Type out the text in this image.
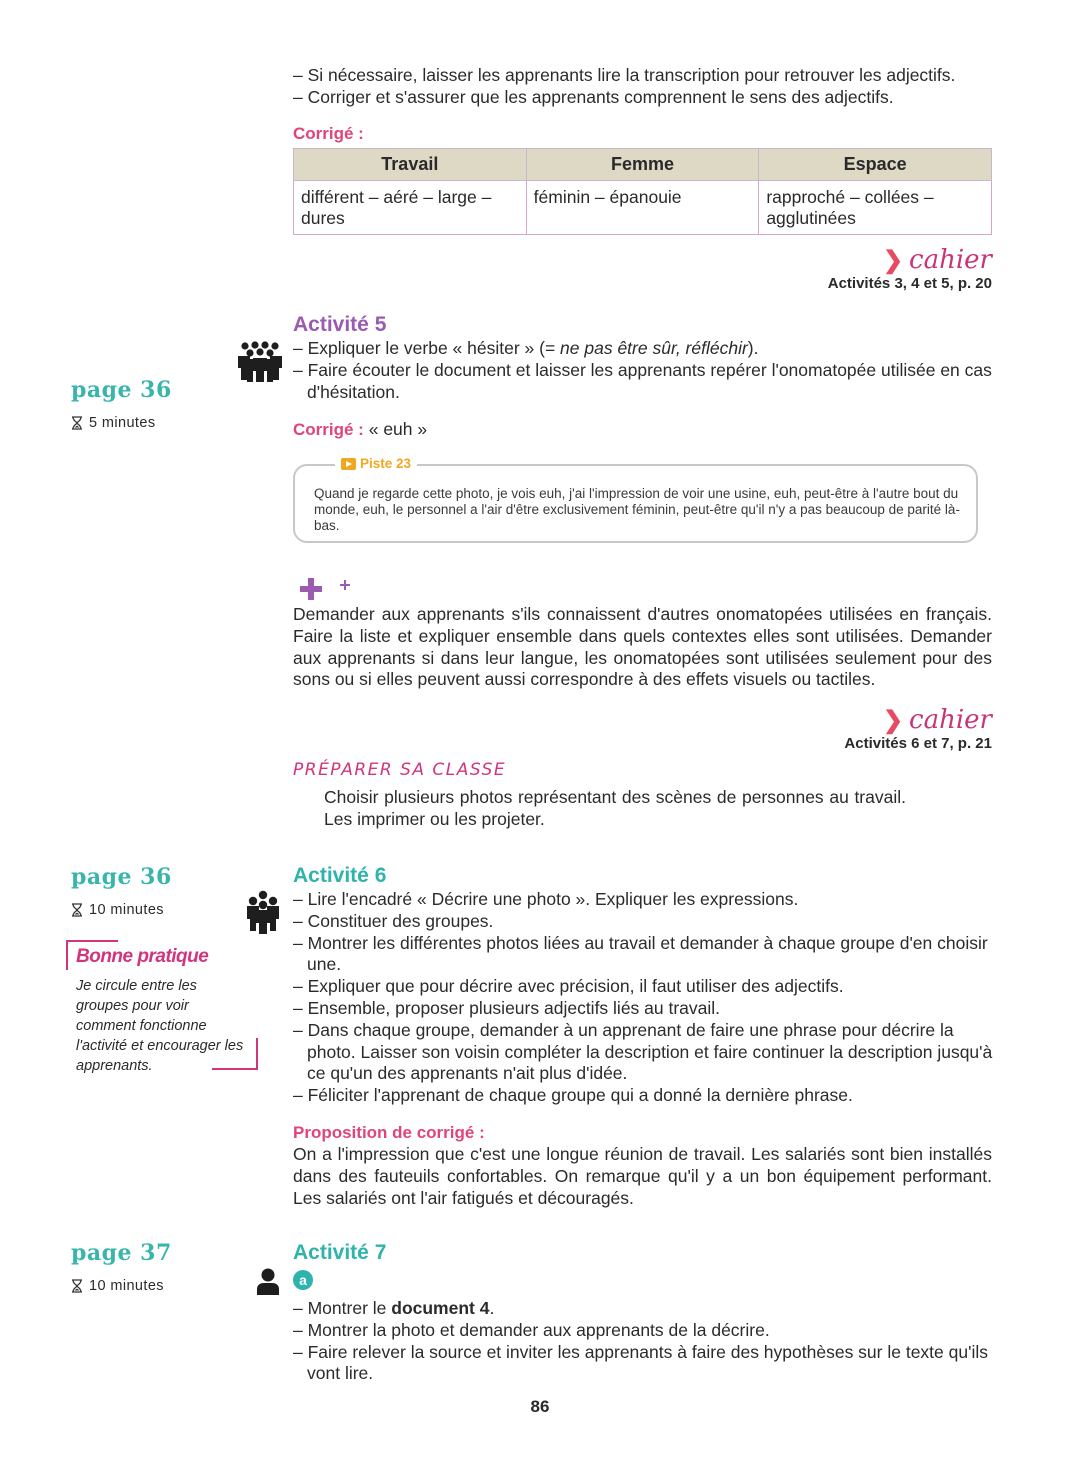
– Si nécessaire, laisser les apprenants lire la transcription pour retrouver les adjectifs.
– Corriger et s'assurer que les apprenants comprennent le sens des adjectifs.
Corrigé :
Travail	Femme	Espace
différent – aéré – large – dures	féminin – épanouie	rapproché – collées – agglutinées
❯ cahier
Activités 3, 4 et 5, p. 20
page 36
5 minutes
Activité 5
– Expliquer le verbe « hésiter » (= ne pas être sûr, réfléchir).
– Faire écouter le document et laisser les apprenants repérer l'onomatopée utilisée en cas d'hésitation.
Corrigé : « euh »
Piste 23
Quand je regarde cette photo, je vois euh, j'ai l'impression de voir une usine, euh, peut-être à l'autre bout du monde, euh, le personnel a l'air d'être exclusivement féminin, peut-être qu'il n'y a pas beaucoup de parité là-bas.

Demander aux apprenants s'ils connaissent d'autres onomatopées utilisées en français. Faire la liste et expliquer ensemble dans quels contextes elles sont utilisées. Demander aux apprenants si dans leur langue, les onomatopées sont utilisées seulement pour des sons ou si elles peuvent aussi correspondre à des effets visuels ou tactiles.

❯ cahier
Activités 6 et 7, p. 21
PRÉPARER SA CLASSE

Choisir plusieurs photos représentant des scènes de personnes au travail. Les imprimer ou les projeter.

page 36
10 minutes
Bonne pratique
Je circule entre les groupes pour voir comment fonctionne l'activité et encourager les apprenants.
Activité 6
– Lire l'encadré « Décrire une photo ». Expliquer les expressions.
– Constituer des groupes.
– Montrer les différentes photos liées au travail et demander à chaque groupe d'en choisir une.
– Expliquer que pour décrire avec précision, il faut utiliser des adjectifs.
– Ensemble, proposer plusieurs adjectifs liés au travail.
– Dans chaque groupe, demander à un apprenant de faire une phrase pour décrire la photo. Laisser son voisin compléter la description et faire continuer la description jusqu'à ce qu'un des apprenants n'ait plus d'idée.
– Féliciter l'apprenant de chaque groupe qui a donné la dernière phrase.
Proposition de corrigé :

On a l'impression que c'est une longue réunion de travail. Les salariés sont bien installés dans des fauteuils confortables. On remarque qu'il y a un bon équipement performant. Les salariés ont l'air fatigués et découragés.

page 37
10 minutes
Activité 7
a
– Montrer le document 4.
– Montrer la photo et demander aux apprenants de la décrire.
– Faire relever la source et inviter les apprenants à faire des hypothèses sur le texte qu'ils vont lire.
86
